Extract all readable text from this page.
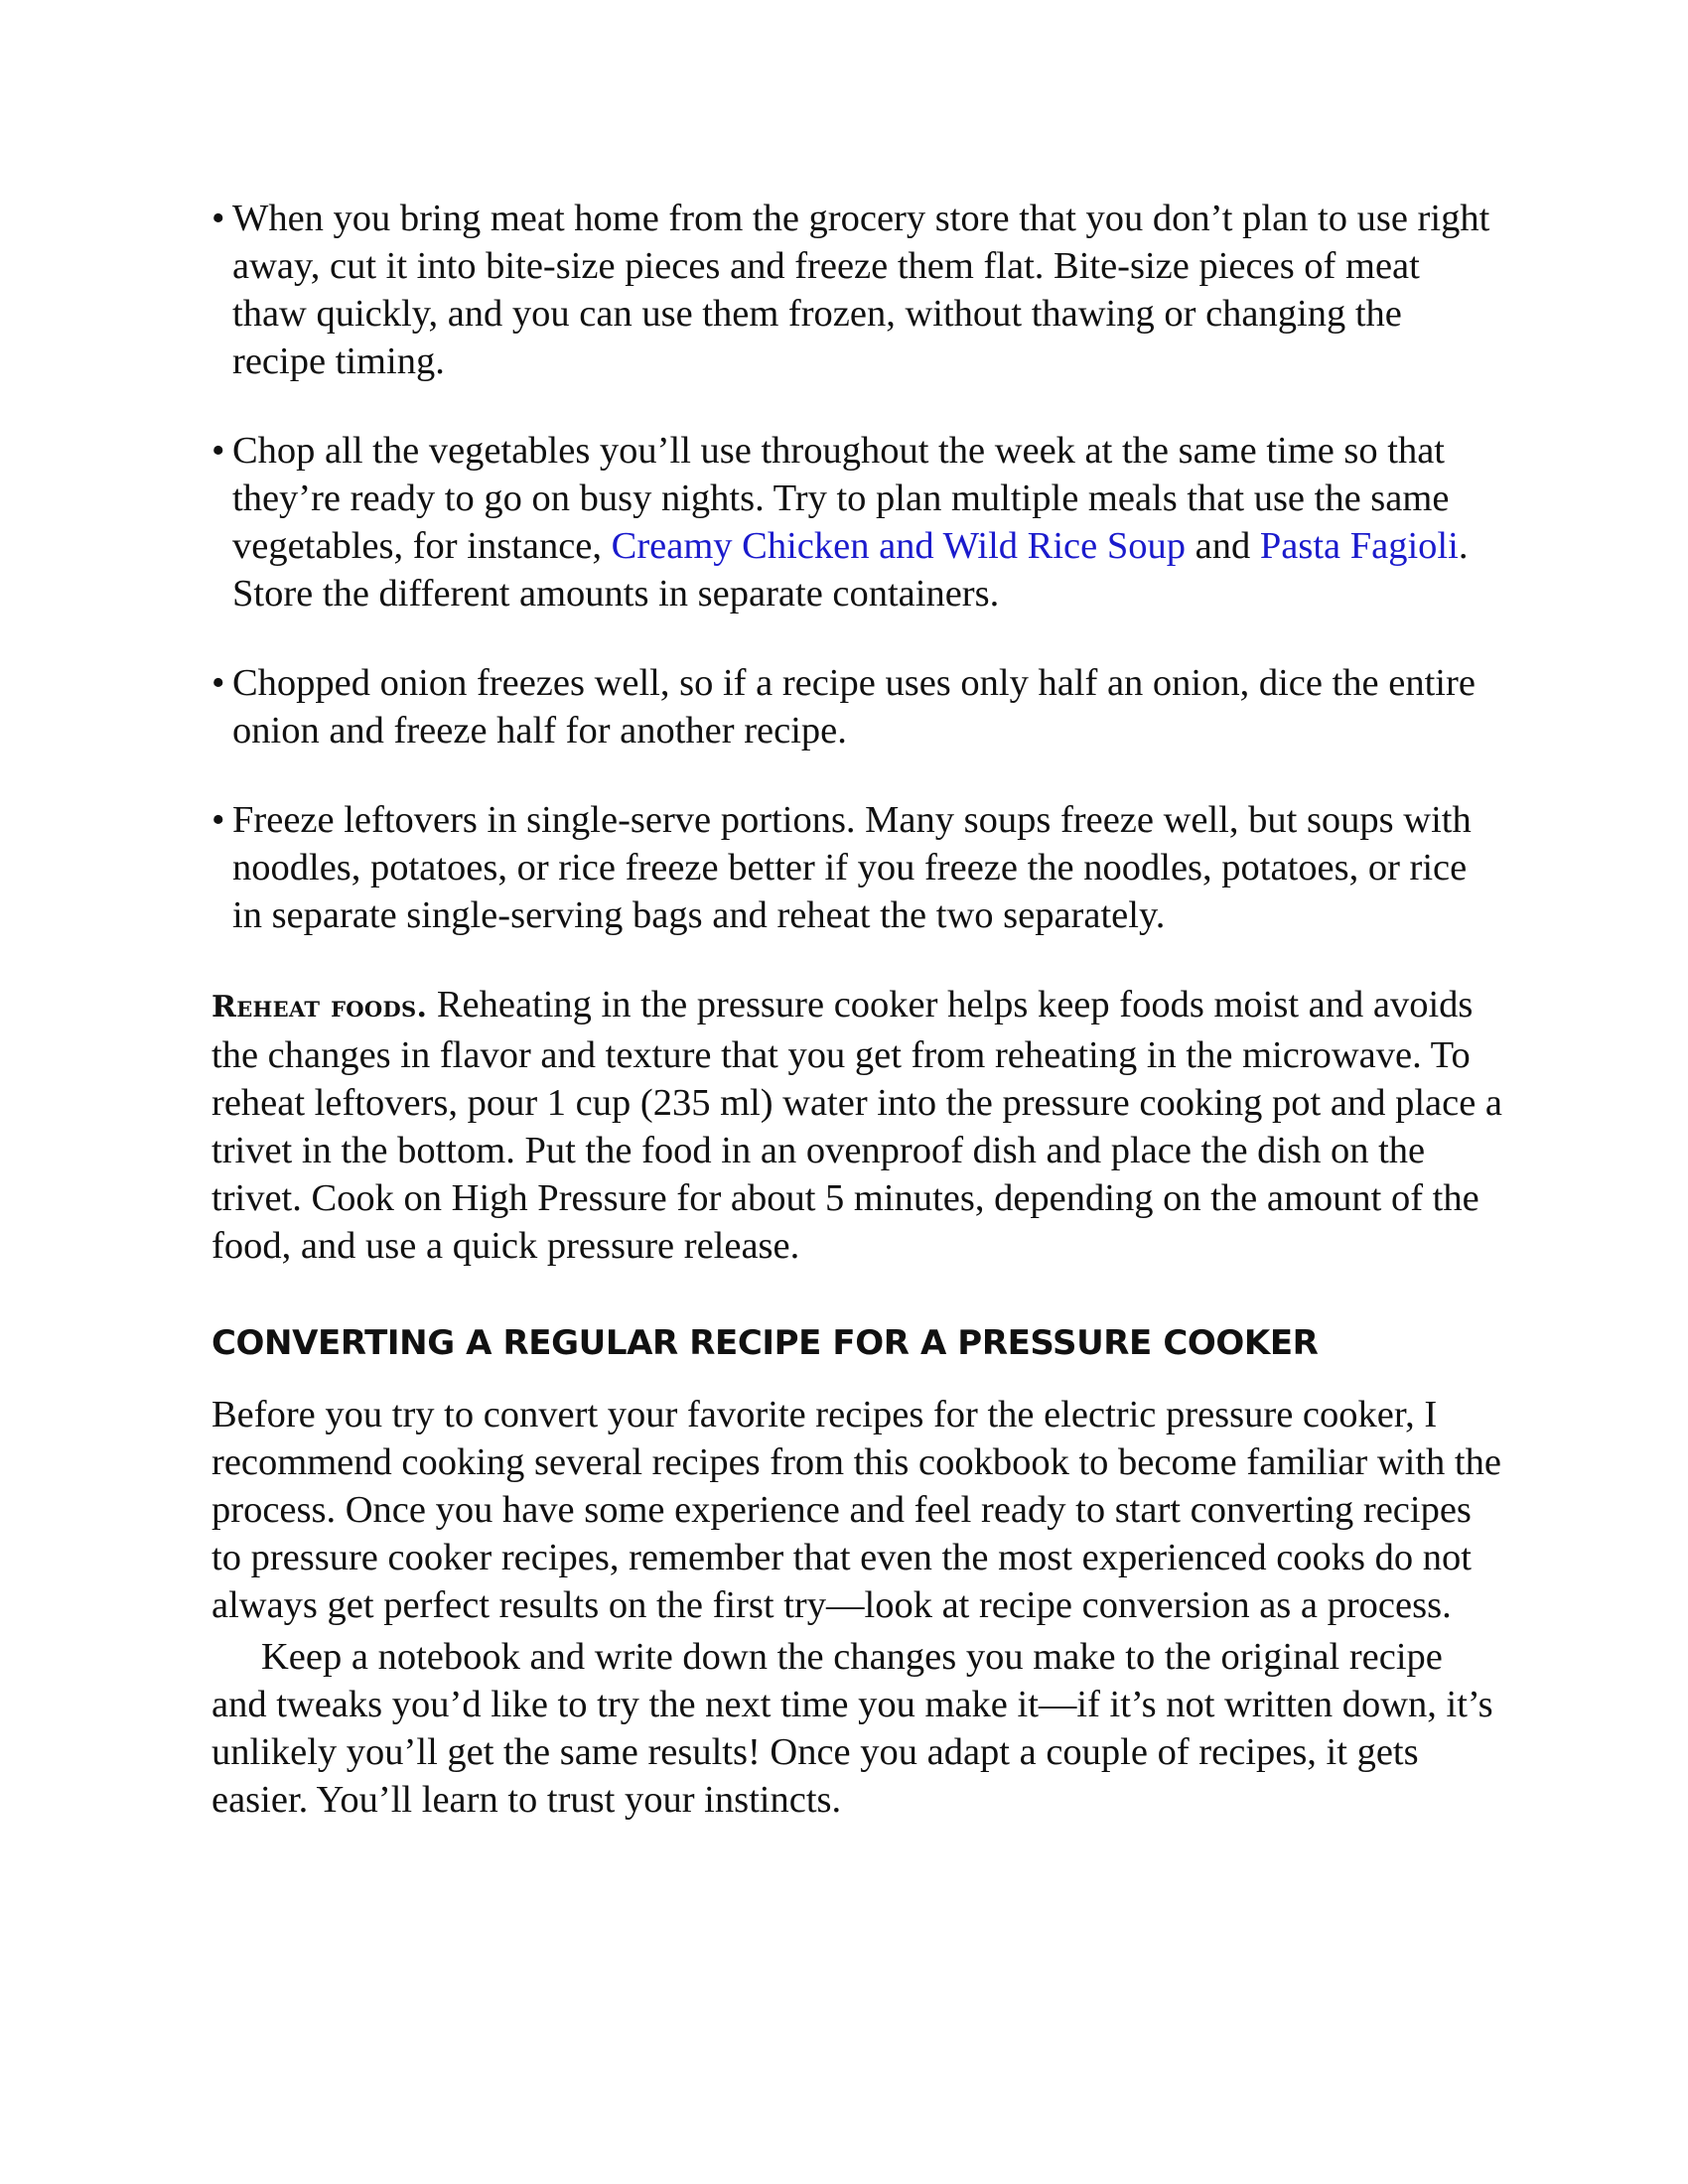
• When you bring meat home from the grocery store that you don’t plan to use right away, cut it into bite-size pieces and freeze them flat. Bite-size pieces of meat thaw quickly, and you can use them frozen, without thawing or changing the recipe timing.
• Chop all the vegetables you’ll use throughout the week at the same time so that they’re ready to go on busy nights. Try to plan multiple meals that use the same vegetables, for instance, Creamy Chicken and Wild Rice Soup and Pasta Fagioli. Store the different amounts in separate containers.
• Chopped onion freezes well, so if a recipe uses only half an onion, dice the entire onion and freeze half for another recipe.
• Freeze leftovers in single-serve portions. Many soups freeze well, but soups with noodles, potatoes, or rice freeze better if you freeze the noodles, potatoes, or rice in separate single-serving bags and reheat the two separately.

Reheat foods. Reheating in the pressure cooker helps keep foods moist and avoids the changes in flavor and texture that you get from reheating in the microwave. To reheat leftovers, pour 1 cup (235 ml) water into the pressure cooking pot and place a trivet in the bottom. Put the food in an ovenproof dish and place the dish on the trivet. Cook on High Pressure for about 5 minutes, depending on the amount of the food, and use a quick pressure release.

CONVERTING A REGULAR RECIPE FOR A PRESSURE COOKER

Before you try to convert your favorite recipes for the electric pressure cooker, I recommend cooking several recipes from this cookbook to become familiar with the process. Once you have some experience and feel ready to start converting recipes to pressure cooker recipes, remember that even the most experienced cooks do not always get perfect results on the first try—look at recipe conversion as a process.

Keep a notebook and write down the changes you make to the original recipe and tweaks you’d like to try the next time you make it—if it’s not written down, it’s unlikely you’ll get the same results! Once you adapt a couple of recipes, it gets easier. You’ll learn to trust your instincts.
